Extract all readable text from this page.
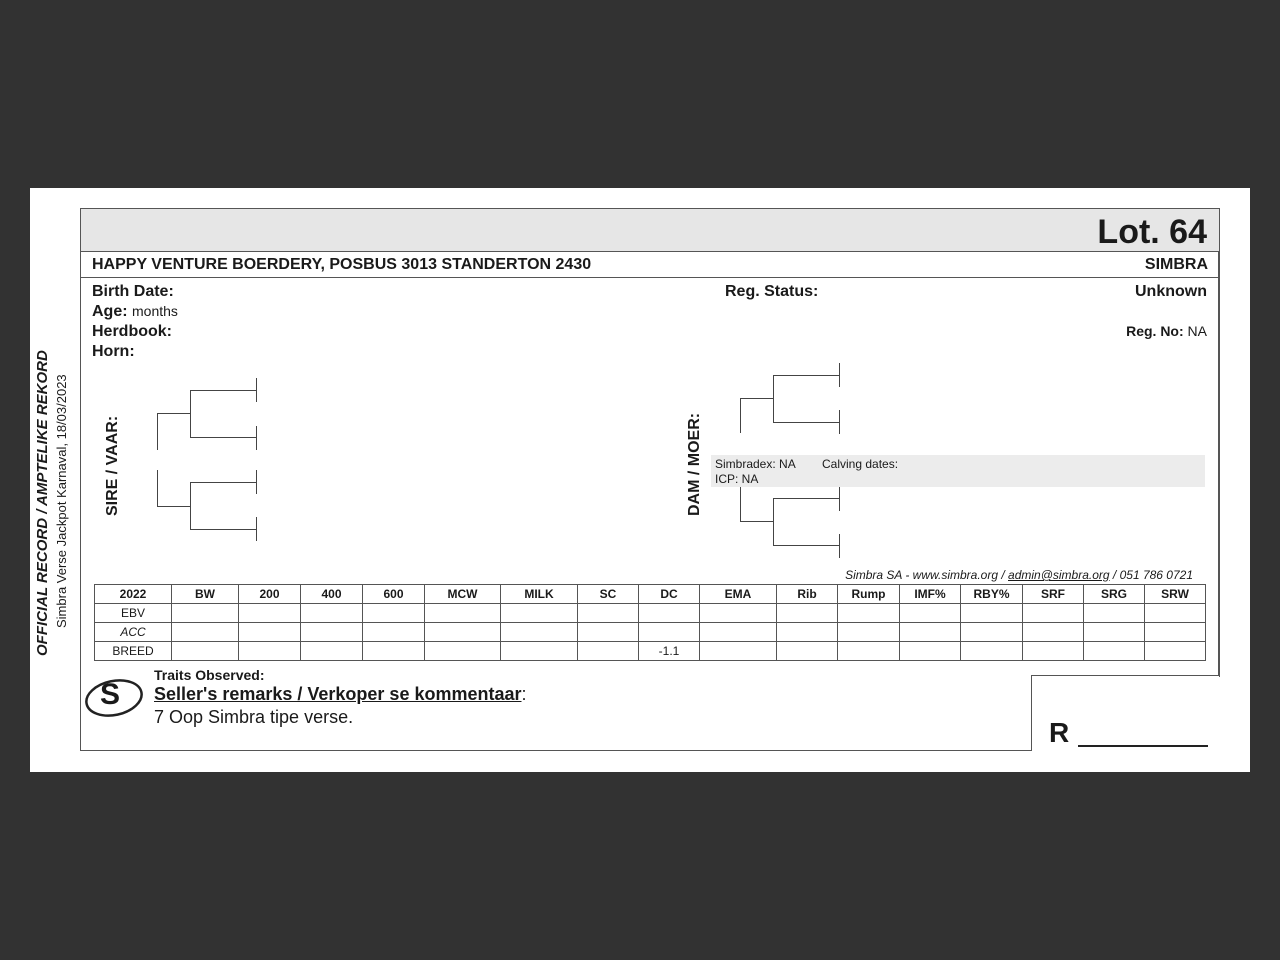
OFFICIAL RECORD / AMPTELIKE REKORD Simbra Verse Jackpot Karnaval, 18/03/2023
Lot. 64
HAPPY VENTURE BOERDERY, POSBUS 3013 STANDERTON 2430	SIMBRA
Birth Date:
Age: months
Herdbook:
Horn:
Reg. Status:	Unknown
Reg. No: NA
SIRE / VAAR:	DAM / MOER: Simbradex: NA Calving dates:
ICP: NA
Simbra SA - www.simbra.org / admin@simbra.org / 051 786 0721
2022	BW	200	400	600	MCW	MILK	SC	DC	EMA	Rib	Rump	IMF%	RBY%	SRF	SRG	SRW
EBV																
ACC																
BREED								-1.1								
S
Traits Observed:
Seller's remarks / Verkoper se kommentaar:
7 Oop Simbra tipe verse.	R
